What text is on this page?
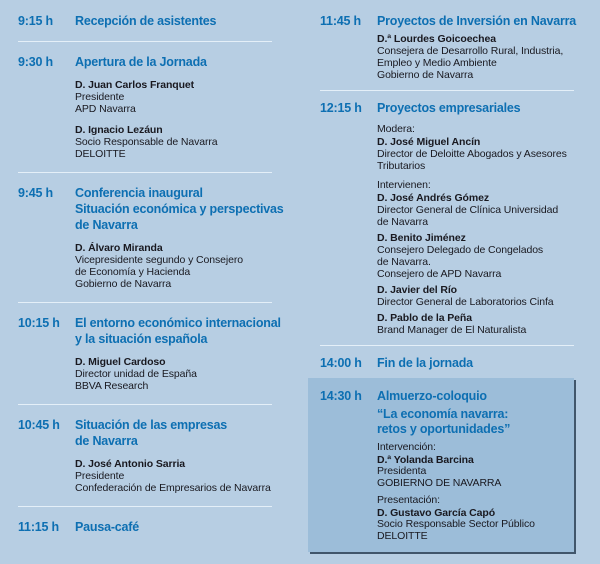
9:15 h	Recepción de asistentes
9:30 h	Apertura de la Jornada
D. Juan Carlos Franquet
Presidente
APD Navarra
D. Ignacio Lezáun
Socio Responsable de Navarra
DELOITTE
9:45 h	Conferencia inaugural
Situación económica y perspectivas
de Navarra
D. Álvaro Miranda
Vicepresidente segundo y Consejero
de Economía y Hacienda
Gobierno de Navarra
10:15 h	El entorno económico internacional
y la situación española
D. Miguel Cardoso
Director unidad de España
BBVA Research
10:45 h	Situación de las empresas
de Navarra
D. José Antonio Sarria
Presidente
Confederación de Empresarios de Navarra
11:15 h	Pausa-café
11:45 h	Proyectos de Inversión en Navarra
D.ª Lourdes Goicoechea
Consejera de Desarrollo Rural, Industria,
Empleo y Medio Ambiente
Gobierno de Navarra
12:15 h	Proyectos empresariales
Modera:
D. José Miguel Ancín
Director de Deloitte Abogados y Asesores
Tributarios
Intervienen:
D. José Andrés Gómez
Director General de Clínica Universidad
de Navarra
D. Benito Jiménez
Consejero Delegado de Congelados
de Navarra.
Consejero de APD Navarra
D. Javier del Río
Director General de Laboratorios Cinfa
D. Pablo de la Peña
Brand Manager de El Naturalista
14:00 h	Fin de la jornada
14:30 h	Almuerzo-coloquio
“La economía navarra:
retos y oportunidades”
Intervención:
D.ª Yolanda Barcina
Presidenta
GOBIERNO DE NAVARRA
Presentación:
D. Gustavo García Capó
Socio Responsable Sector Público
DELOITTE
